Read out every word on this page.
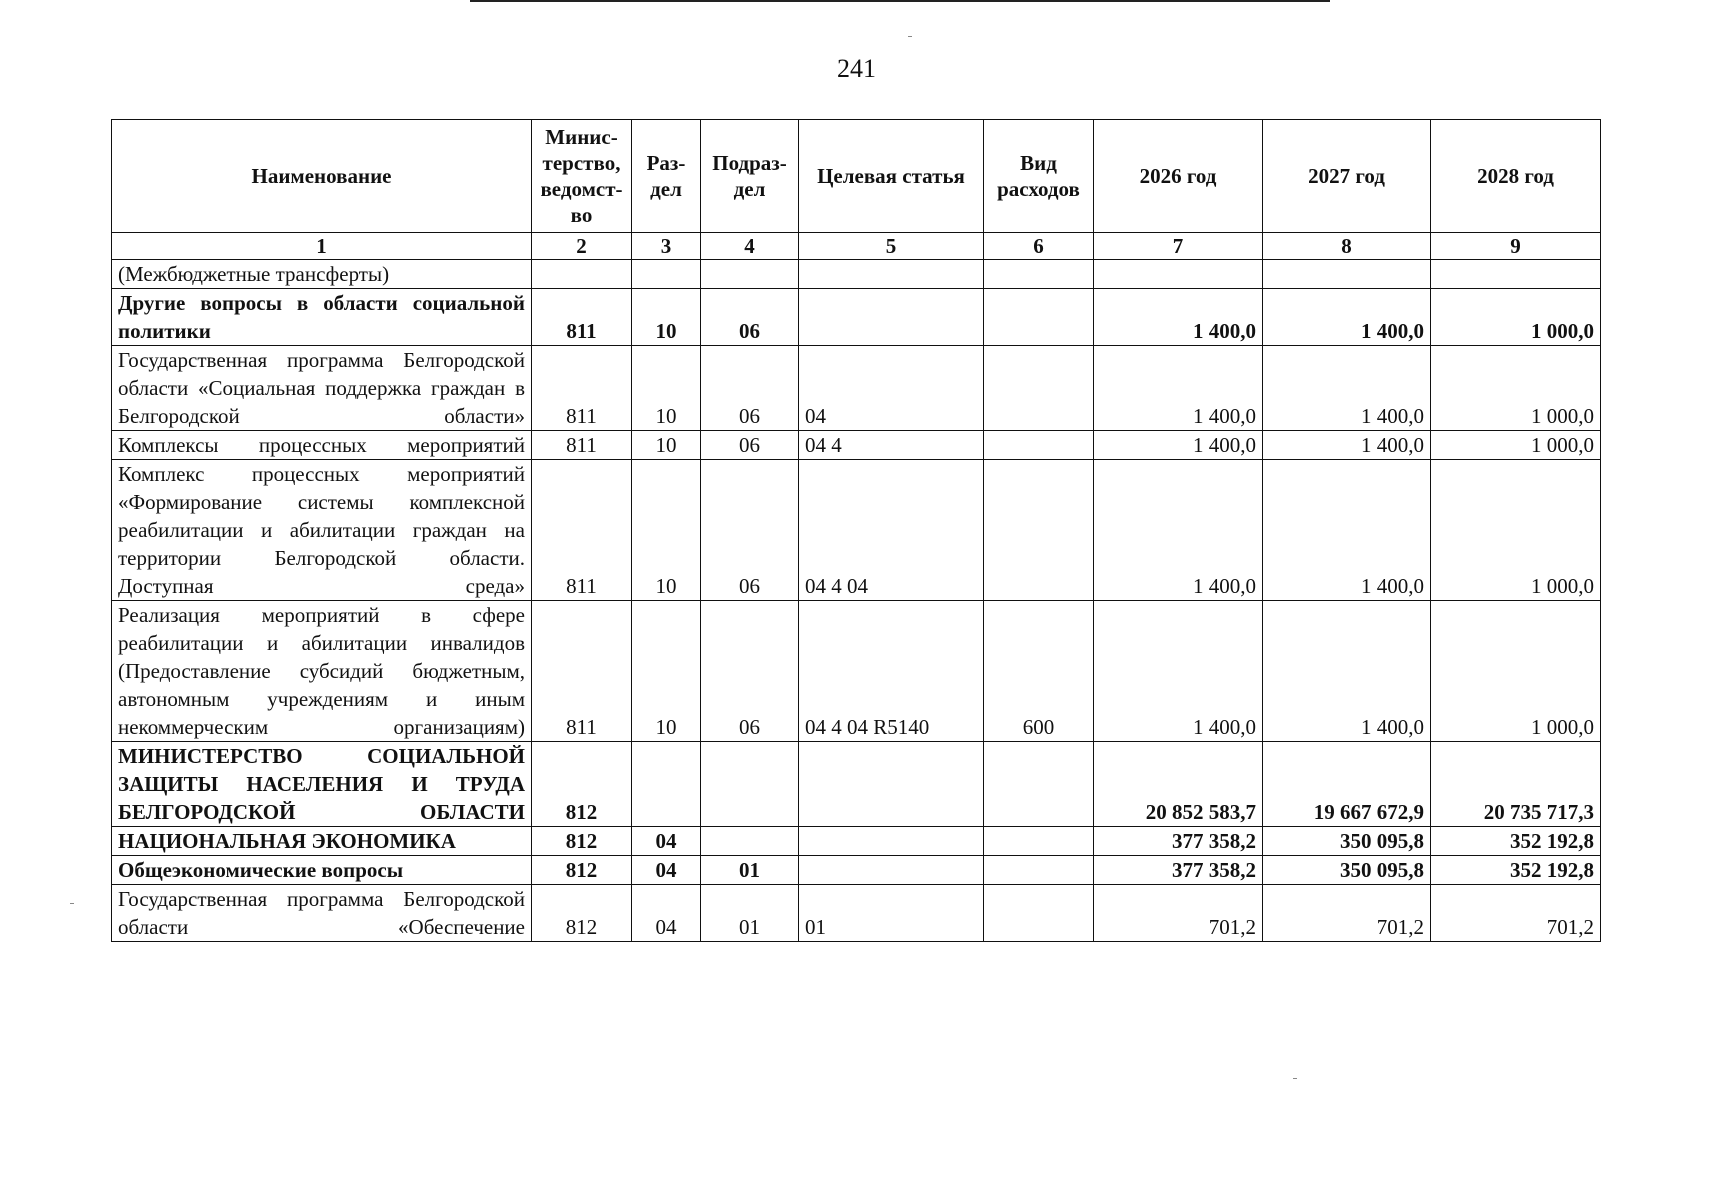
241
Наименование	Минис-терство, ведомст-во	Раз-дел	Подраз-дел	Целевая статья	Вид расходов	2026 год	2027 год	2028 год
1	2	3	4	5	6	7	8	9
(Межбюджетные трансферты)								
Другие вопросы в области социальной политики	811	10	06			1 400,0	1 400,0	1 000,0
Государственная программа Белгородской области «Социальная поддержка граждан в Белгородской области»	811	10	06	04		1 400,0	1 400,0	1 000,0
Комплексы процессных мероприятий	811	10	06	04 4		1 400,0	1 400,0	1 000,0
Комплекс процессных мероприятий «Формирование системы комплексной реабилитации и абилитации граждан на территории Белгородской области. Доступная среда»	811	10	06	04 4 04		1 400,0	1 400,0	1 000,0
Реализация мероприятий в сфере реабилитации и абилитации инвалидов (Предоставление субсидий бюджетным, автономным учреждениям и иным некоммерческим организациям)	811	10	06	04 4 04 R5140	600	1 400,0	1 400,0	1 000,0
МИНИСТЕРСТВО СОЦИАЛЬНОЙ ЗАЩИТЫ НАСЕЛЕНИЯ И ТРУДА БЕЛГОРОДСКОЙ ОБЛАСТИ	812					20 852 583,7	19 667 672,9	20 735 717,3
НАЦИОНАЛЬНАЯ ЭКОНОМИКА	812	04				377 358,2	350 095,8	352 192,8
Общеэкономические вопросы	812	04	01			377 358,2	350 095,8	352 192,8
Государственная программа Белгородской области «Обеспечение	812	04	01	01		701,2	701,2	701,2
